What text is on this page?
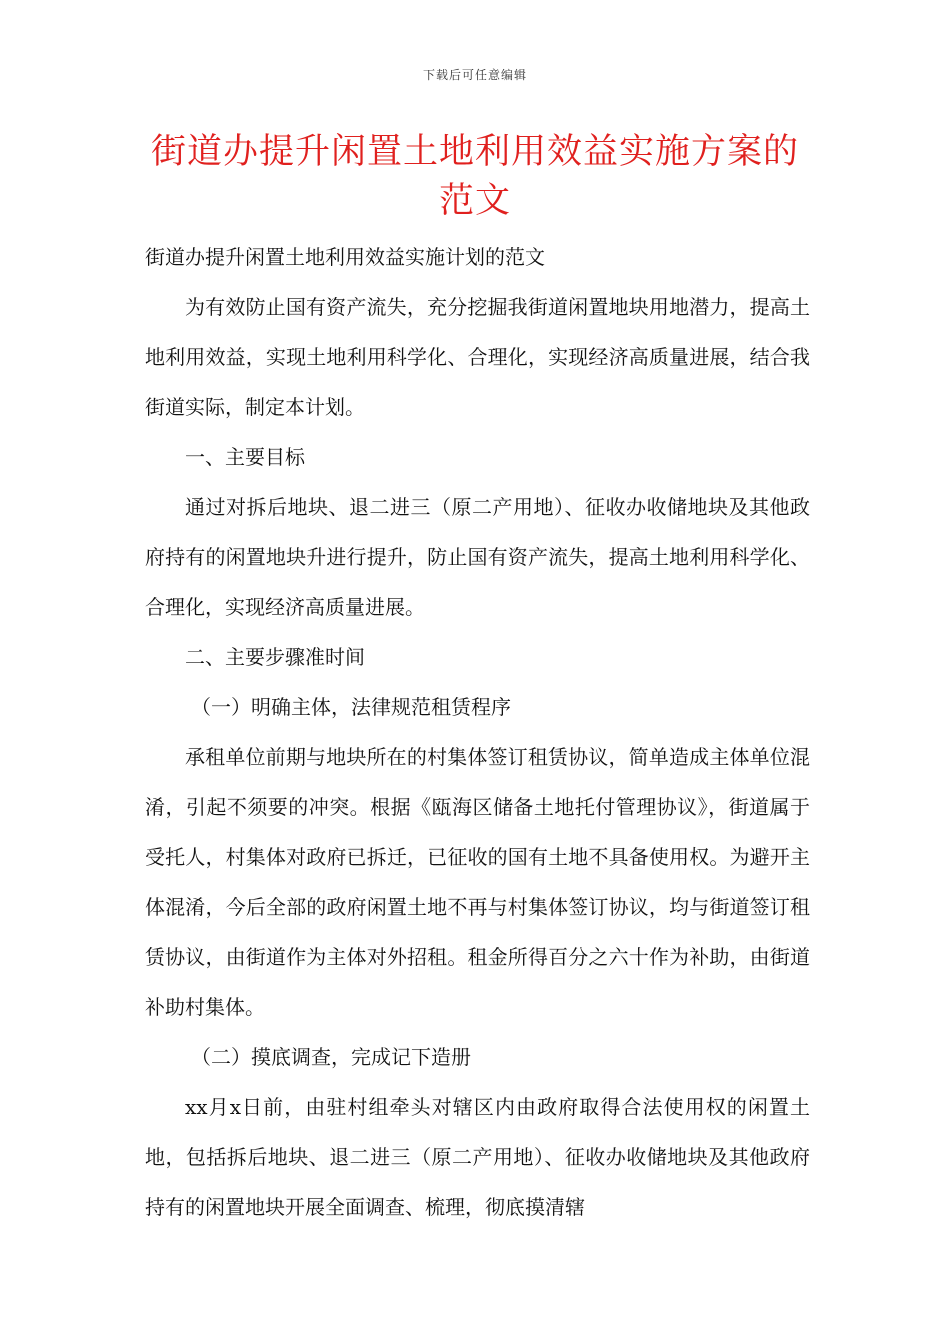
下载后可任意编辑
街道办提升闲置土地利用效益实施方案的
范文

街道办提升闲置土地利用效益实施计划的范文

为有效防止国有资产流失，充分挖掘我街道闲置地块用地潜力，提高土地利用效益，实现土地利用科学化、合理化，实现经济高质量进展，结合我街道实际，制定本计划。

一、主要目标

通过对拆后地块、退二进三（原二产用地）、征收办收储地块及其他政府持有的闲置地块升进行提升，防止国有资产流失，提高土地利用科学化、合理化，实现经济高质量进展。

二、主要步骤准时间

（一）明确主体，法律规范租赁程序

承租单位前期与地块所在的村集体签订租赁协议，简单造成主体单位混淆，引起不须要的冲突。根据《瓯海区储备土地托付管理协议》，街道属于受托人，村集体对政府已拆迁，已征收的国有土地不具备使用权。为避开主体混淆，今后全部的政府闲置土地不再与村集体签订协议，均与街道签订租赁协议，由街道作为主体对外招租。租金所得百分之六十作为补助，由街道补助村集体。

（二）摸底调查，完成记下造册

xx月x日前，由驻村组牵头对辖区内由政府取得合法使用权的闲置土地，包括拆后地块、退二进三（原二产用地）、征收办收储地块及其他政府持有的闲置地块开展全面调查、梳理，彻底摸清辖
